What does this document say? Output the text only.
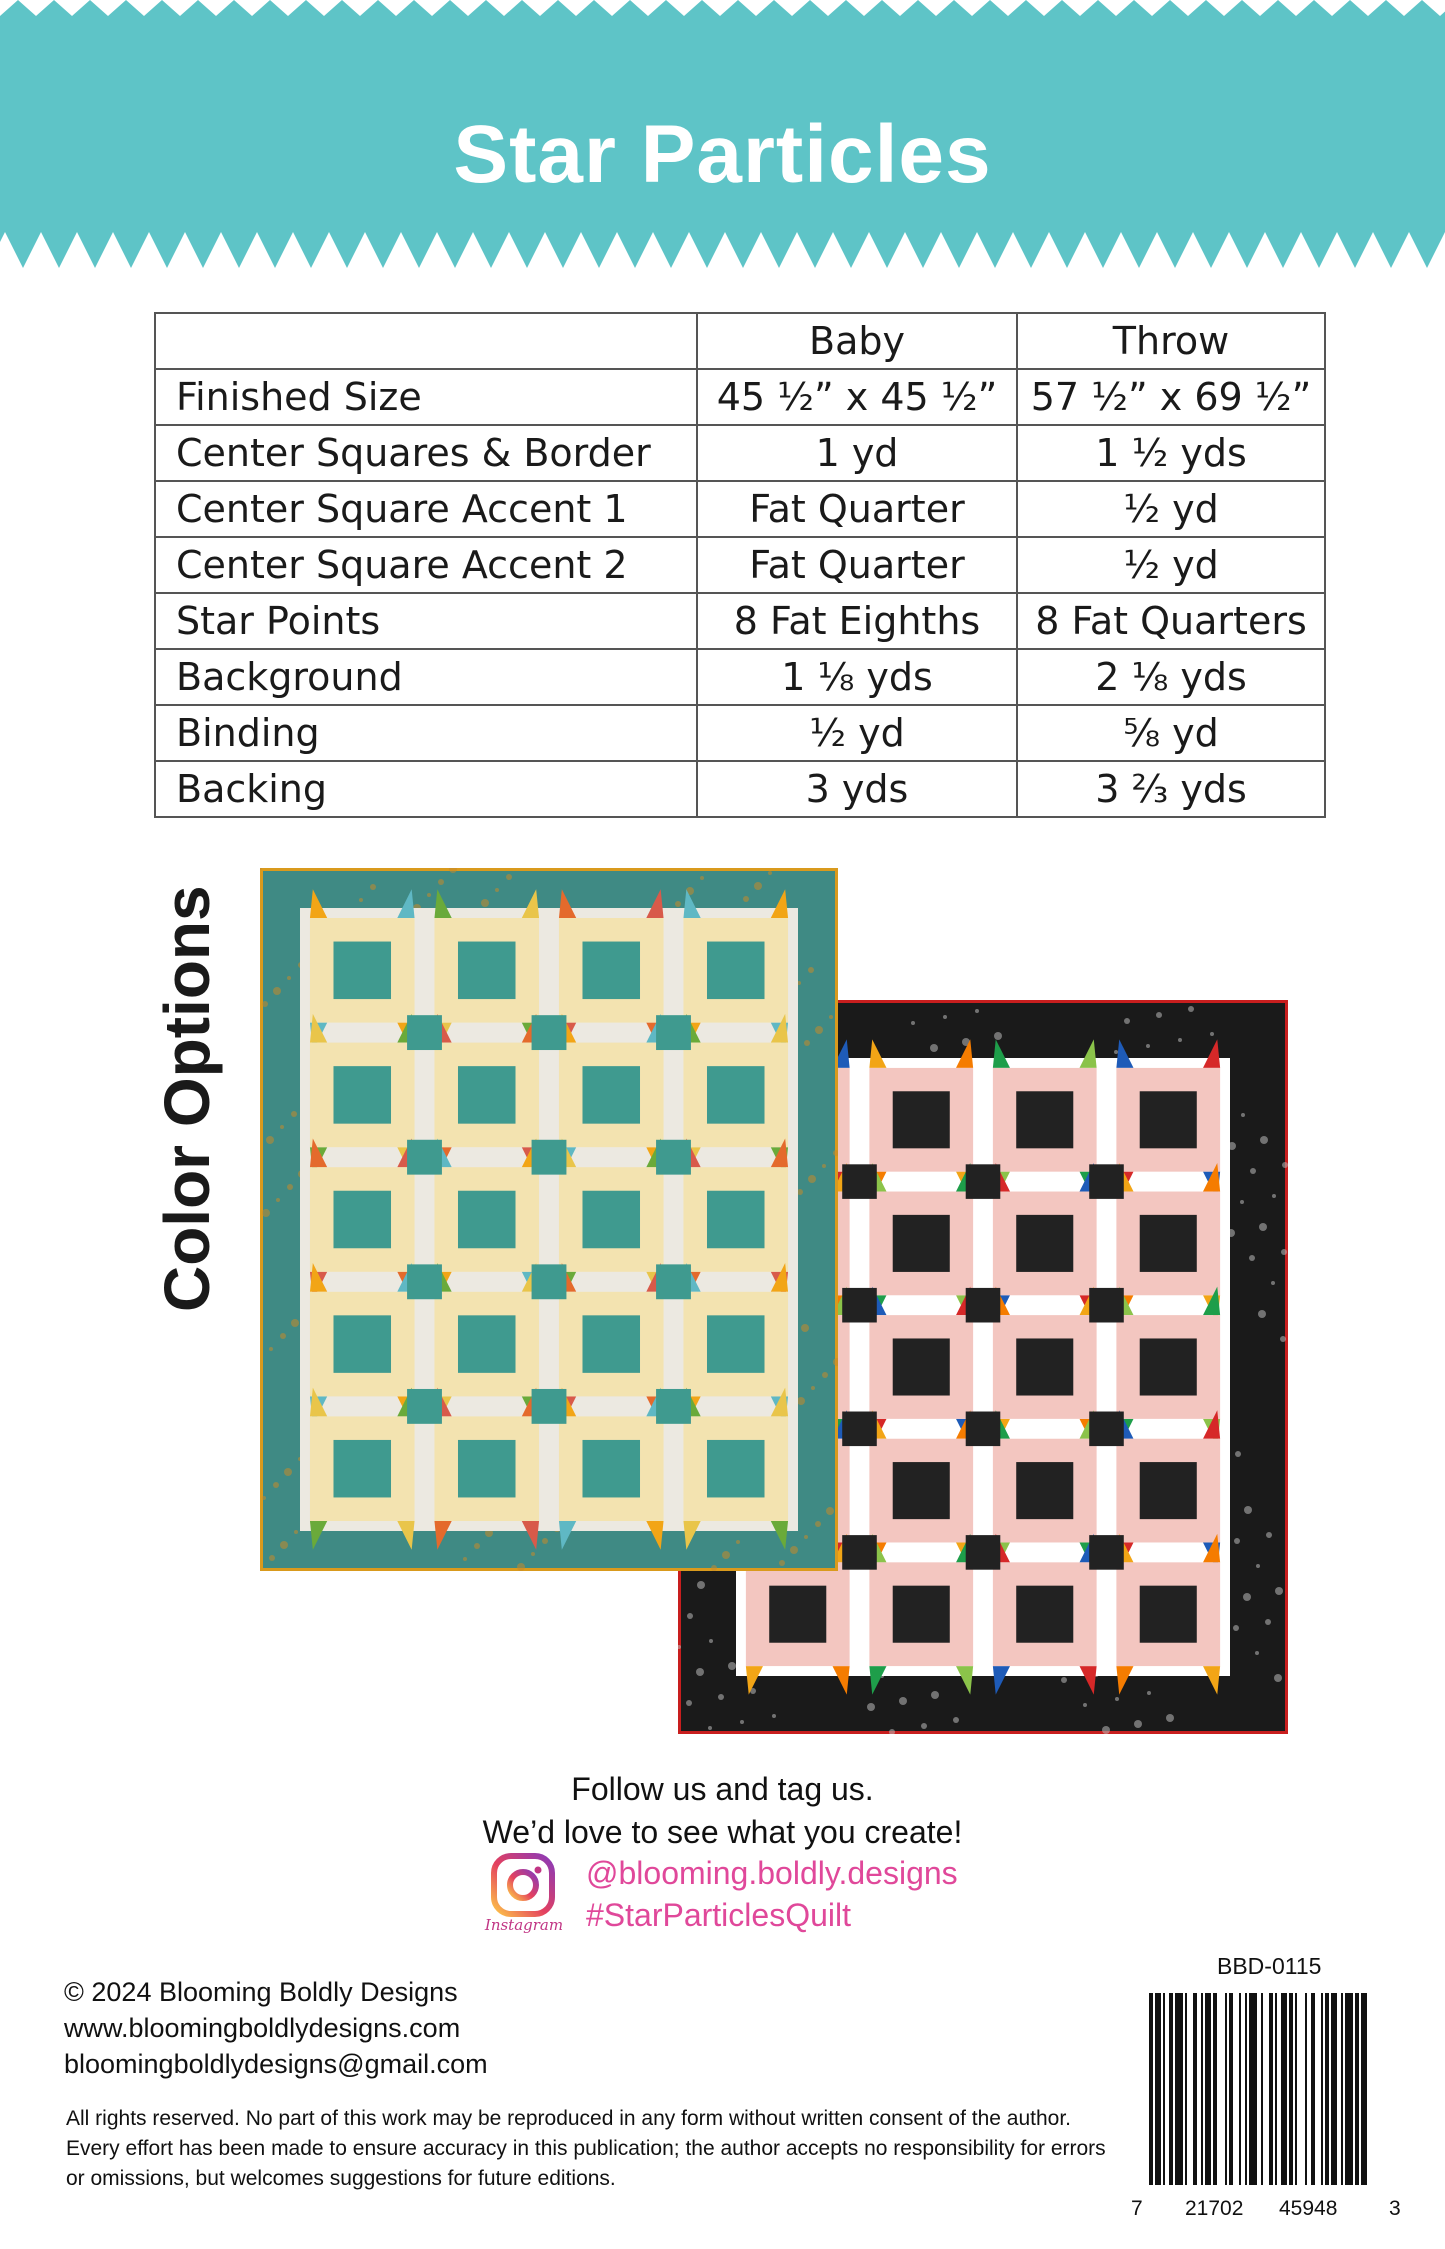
Star Particles
	Baby	Throw
Finished Size	45 ½” x 45 ½”	57 ½” x 69 ½”
Center Squares & Border	1 yd	1 ½ yds
Center Square Accent 1	Fat Quarter	½ yd
Center Square Accent 2	Fat Quarter	½ yd
Star Points	8 Fat Eighths	8 Fat Quarters
Background	1 ⅛ yds	2 ⅛ yds
Binding	½ yd	⅝ yd
Backing	3 yds	3 ⅔ yds
Color Options
Follow us and tag us.
We’d love to see what you create!
Instagram
@blooming.boldly.designs
#StarParticlesQuilt
© 2024 Blooming Boldly Designs
www.bloomingboldlydesigns.com
bloomingboldlydesigns@gmail.com
All rights reserved. No part of this work may be reproduced in any form without written consent of the author. Every effort has been made to ensure accuracy in this publication; the author accepts no responsibility for errors or omissions, but welcomes suggestions for future editions.
BBD-0115
7 21702 45948 3
